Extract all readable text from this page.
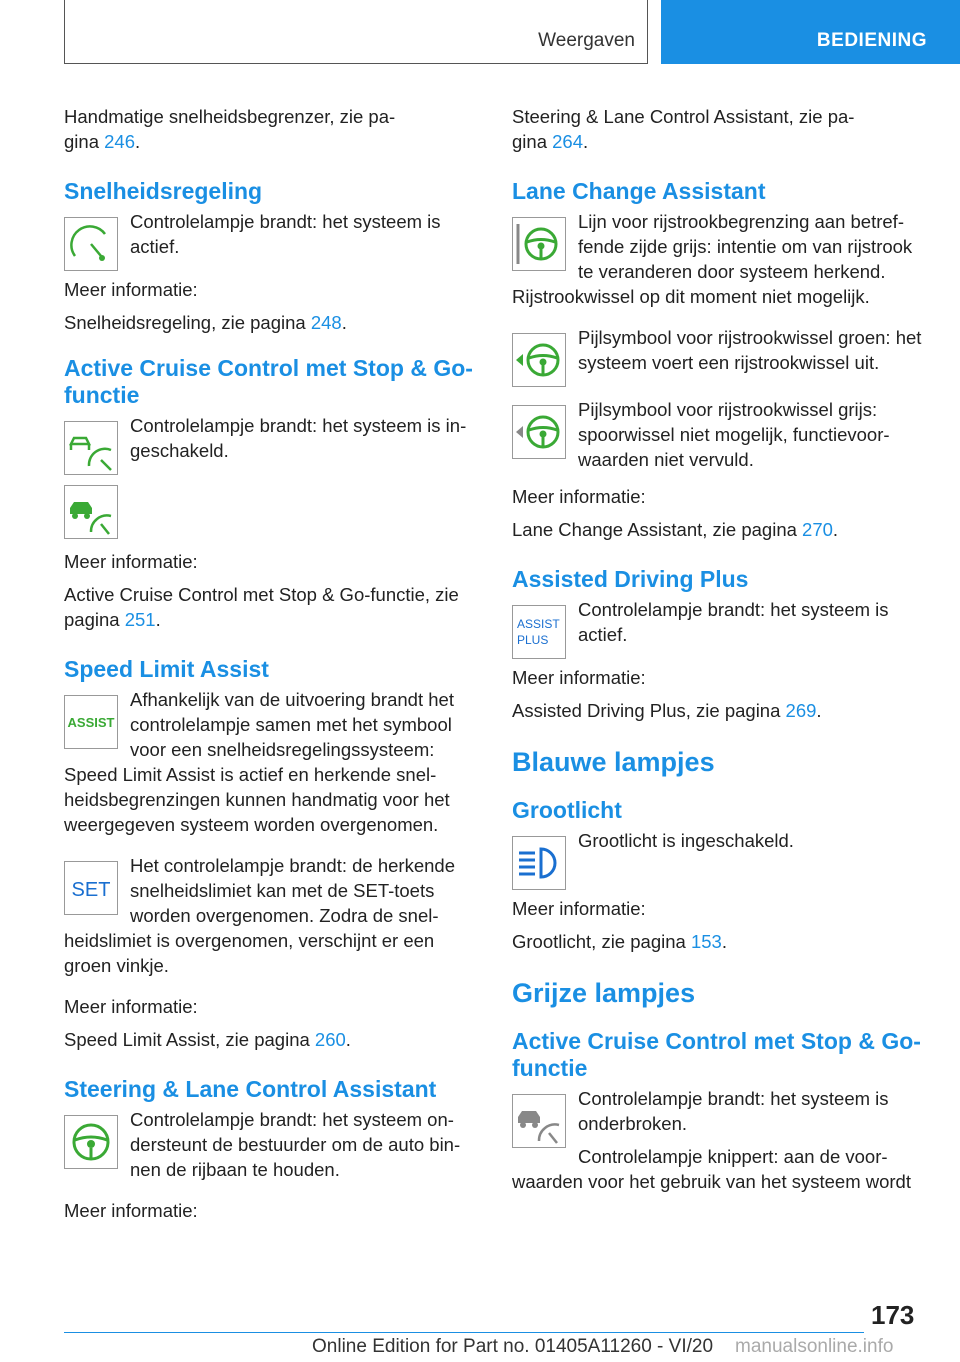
Weergaven	BEDIENING

Handmatige snelheidsbegrenzer, zie pa-
gina 246.

Snelheidsregeling

Controlelampje brandt: het systeem is actief.

Meer informatie:

Snelheidsregeling, zie pagina 248.

Active Cruise Control met Stop & Go-functie

Controlelampje brandt: het systeem is in-geschakeld.

Meer informatie:

Active Cruise Control met Stop & Go-functie, zie pagina 251.

Speed Limit Assist
ASSIST

Afhankelijk van de uitvoering brandt het controlelampje samen met het symbool voor een snelheidsregelingssysteem:

Speed Limit Assist is actief en herkende snel-heidsbegrenzingen kunnen handmatig voor het weergegeven systeem worden overgenomen.

SET

Het controlelampje brandt: de herkende snelheidslimiet kan met de SET-toets worden overgenomen. Zodra de snel-

heidslimiet is overgenomen, verschijnt er een groen vinkje.

Meer informatie:

Speed Limit Assist, zie pagina 260.

Steering & Lane Control Assistant

Controlelampje brandt: het systeem on-dersteunt de bestuurder om de auto bin-nen de rijbaan te houden.

Meer informatie:

Steering & Lane Control Assistant, zie pa-
gina 264.

Lane Change Assistant

Lijn voor rijstrookbegrenzing aan betref-fende zijde grijs: intentie om van rijstrook te veranderen door systeem herkend.

Rijstrookwissel op dit moment niet mogelijk.

Pijlsymbool voor rijstrookwissel groen: het systeem voert een rijstrookwissel uit.

Pijlsymbool voor rijstrookwissel grijs: spoorwissel niet mogelijk, functievoor-waarden niet vervuld.

Meer informatie:

Lane Change Assistant, zie pagina 270.

Assisted Driving Plus
ASSIST
PLUS

Controlelampje brandt: het systeem is actief.

Meer informatie:

Assisted Driving Plus, zie pagina 269.

Blauwe lampjes
Grootlicht

Grootlicht is ingeschakeld.

Meer informatie:

Grootlicht, zie pagina 153.

Grijze lampjes
Active Cruise Control met Stop & Go-functie

Controlelampje brandt: het systeem is onderbroken.

Controlelampje knippert: aan de voor-

waarden voor het gebruik van het systeem wordt

173
Online Edition for Part no. 01405A11260 - VI/20 manualsonline.info
